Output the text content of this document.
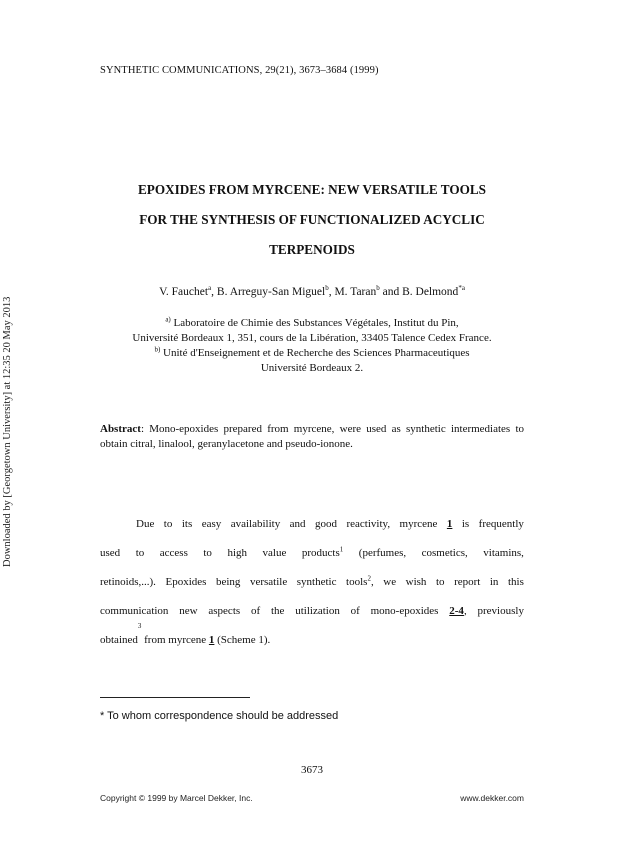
Downloaded by [Georgetown University] at 12:35 20 May 2013
SYNTHETIC COMMUNICATIONS, 29(21), 3673–3684 (1999)
EPOXIDES FROM MYRCENE: NEW VERSATILE TOOLS
FOR THE SYNTHESIS OF FUNCTIONALIZED ACYCLIC
TERPENOIDS
V. Fauchet$^a$, B. Arreguy-San Miguel$^b$, M. Taran$^b$ and B. Delmond$^{*a}$
$^{a)}$ Laboratoire de Chimie des Substances Végétales, Institut du Pin,
Université Bordeaux 1, 351, cours de la Libération, 33405 Talence Cedex France.
$^{b)}$ Unité d'Enseignement et de Recherche des Sciences Pharmaceutiques
Université Bordeaux 2.
Abstract: Mono-epoxides prepared from myrcene, were used as synthetic intermediates to obtain citral, linalool, geranylacetone and pseudo-ionone.
Due to its easy availability and good reactivity, myrcene 1 is frequently
used to access to high value products$^1$ (perfumes, cosmetics, vitamins,
retinoids,...). Epoxides being versatile synthetic tools$^2$, we wish to report in this
communication new aspects of the utilization of mono-epoxides 2-4, previously
obtained
3
from myrcene 1 (Scheme 1).
* To whom correspondence should be addressed
3673
Copyright © 1999 by Marcel Dekker, Inc.	www.dekker.com
